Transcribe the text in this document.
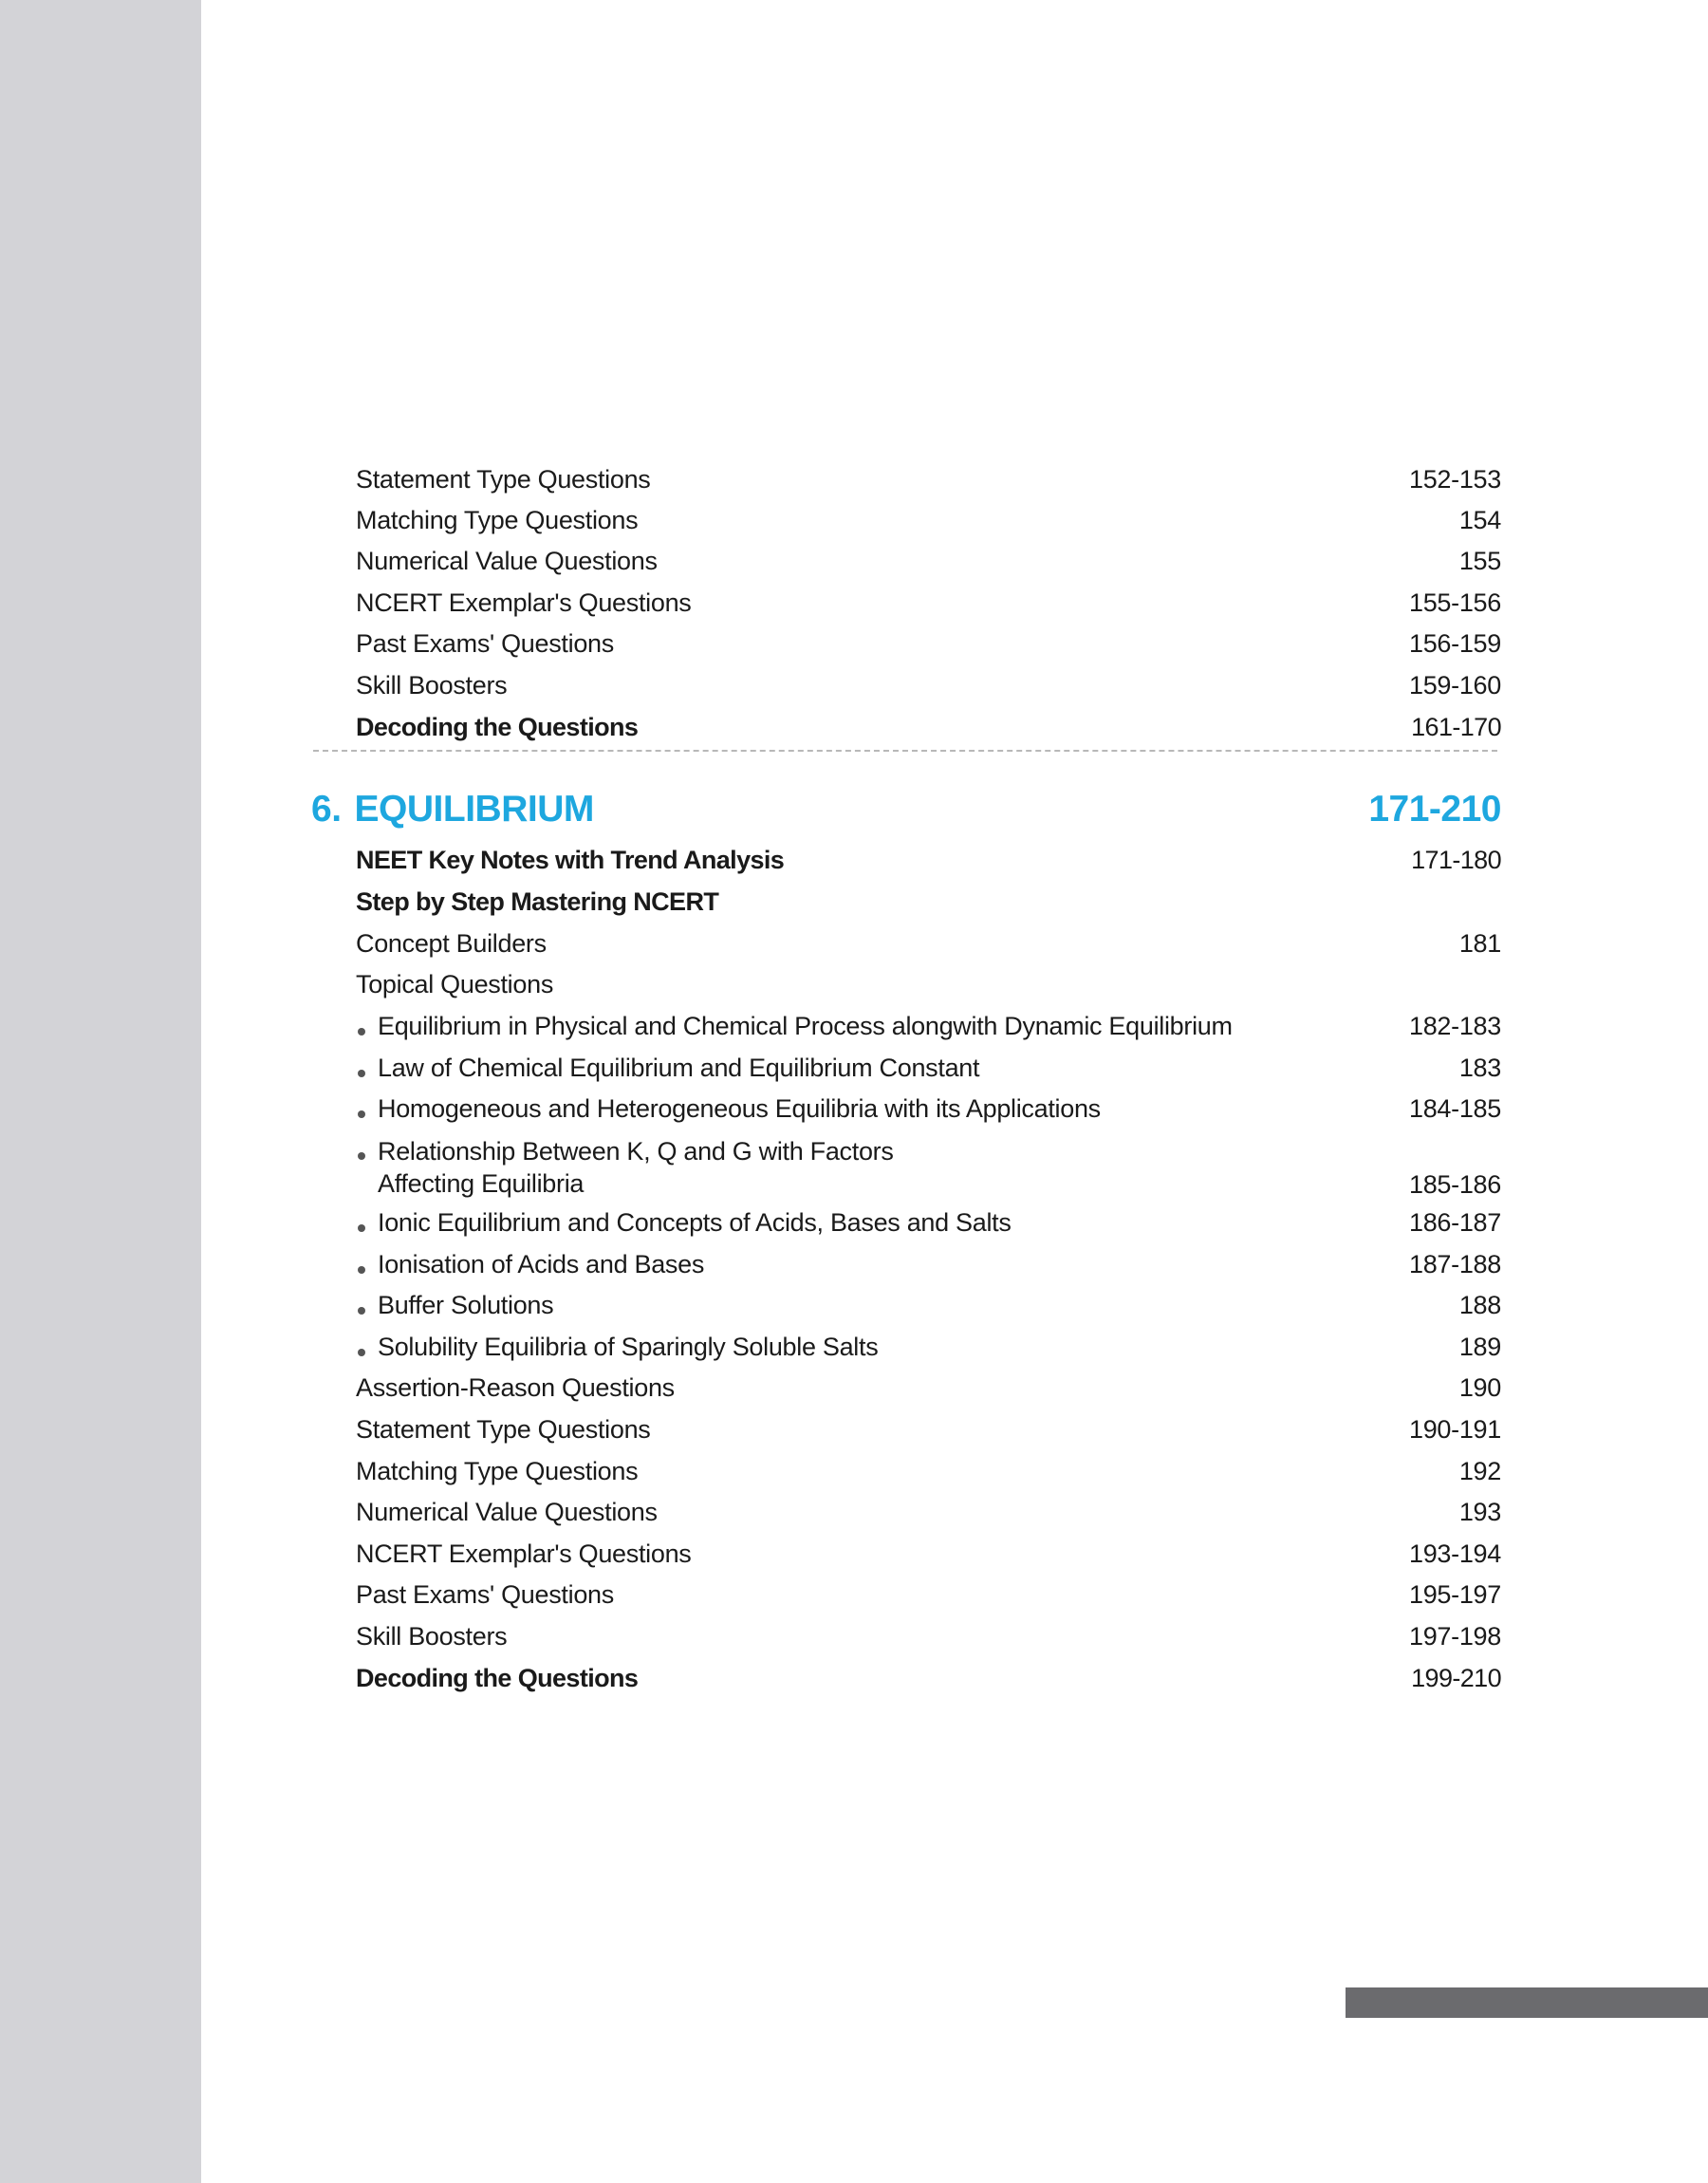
Statement Type Questions	152-153
Matching Type Questions	154
Numerical Value Questions	155
NCERT Exemplar's Questions	155-156
Past Exams' Questions	156-159
Skill Boosters	159-160
Decoding the Questions	161-170
6. EQUILIBRIUM	171-210
NEET Key Notes with Trend Analysis	171-180
Step by Step Mastering NCERT
Concept Builders	181
Topical Questions
Equilibrium in Physical and Chemical Process alongwith Dynamic Equilibrium	182-183
Law of Chemical Equilibrium and Equilibrium Constant	183
Homogeneous and Heterogeneous Equilibria with its Applications	184-185
Relationship Between K, Q and G with Factors
Affecting Equilibria	185-186
Ionic Equilibrium and Concepts of Acids, Bases and Salts	186-187
Ionisation of Acids and Bases	187-188
Buffer Solutions	188
Solubility Equilibria of Sparingly Soluble Salts	189
Assertion-Reason Questions	190
Statement Type Questions	190-191
Matching Type Questions	192
Numerical Value Questions	193
NCERT Exemplar's Questions	193-194
Past Exams' Questions	195-197
Skill Boosters	197-198
Decoding the Questions	199-210
